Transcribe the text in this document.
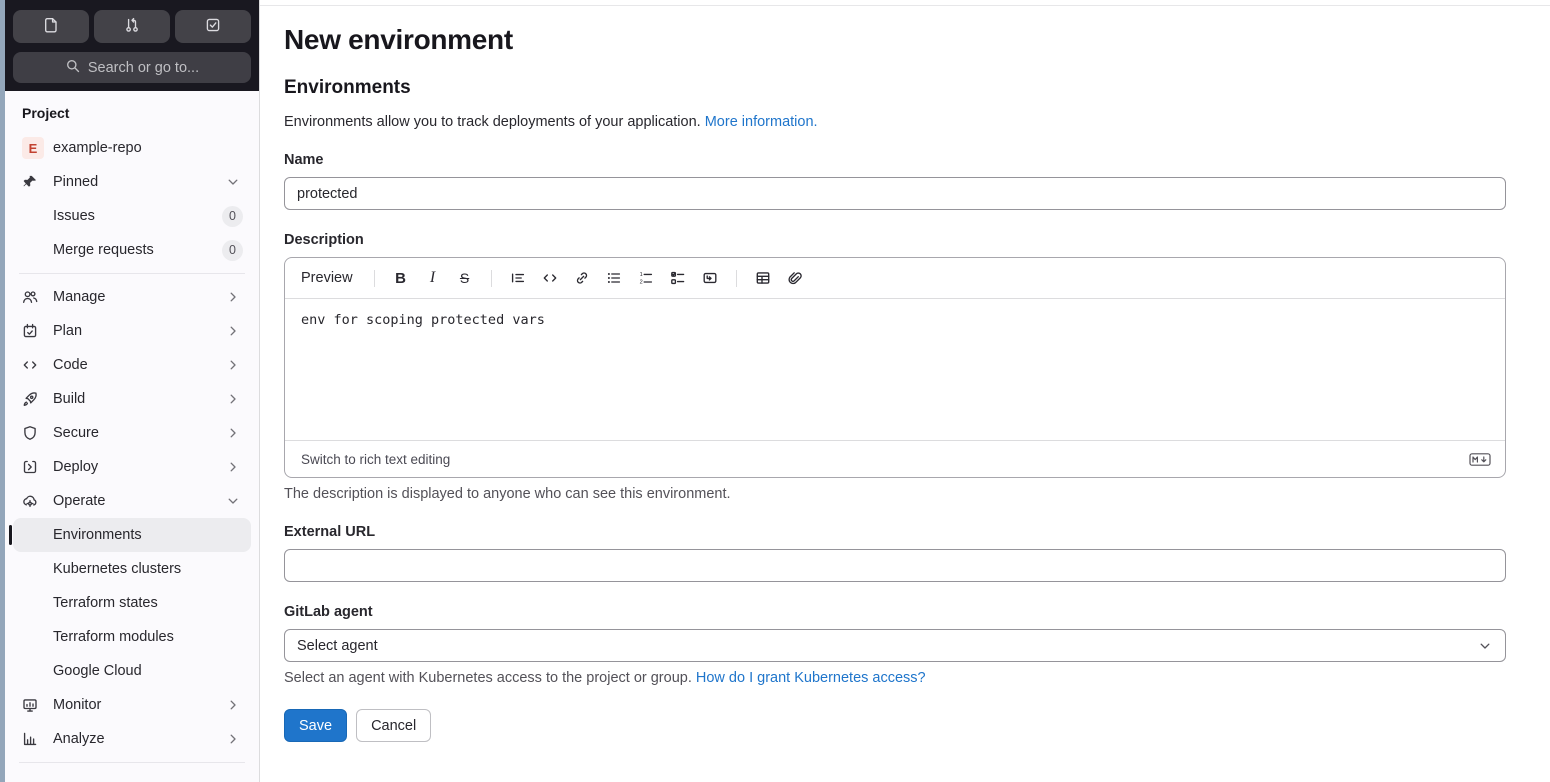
Search or go to...
Project
E	example-repo
Pinned
Issues	0
Merge requests	0
Manage
Plan
Code
Build
Secure
Deploy
Operate
Environments
Kubernetes clusters
Terraform states
Terraform modules
Google Cloud
Monitor
Analyze
New environment
Environments

Environments allow you to track deployments of your application. More information.

Name
protected
Description
Preview	B I S	1
2
env for scoping protected vars
Switch to rich text editing
The description is displayed to anyone who can see this environment.
External URL
GitLab agent
Select agent
Select an agent with Kubernetes access to the project or group. How do I grant Kubernetes access?
Save	Cancel
